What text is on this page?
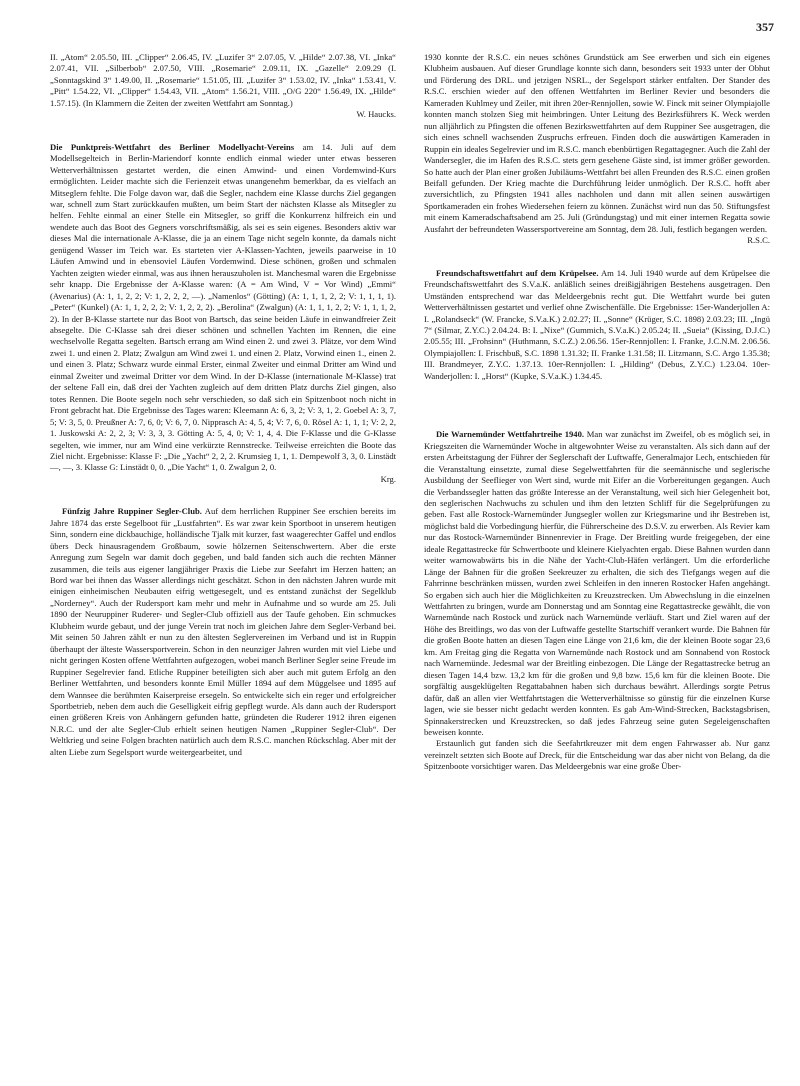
357

II. „Atom“ 2.05.50, III. „Clipper“ 2.06.45, IV. „Luzifer 3“ 2.07.05, V. „Hilde“ 2.07.38, VI. „Inka“ 2.07.41, VII. „Silberbob“ 2.07.50, VIII. „Rosemarie“ 2.09.11, IX. „Gazelle“ 2.09.29 (I. „Sonntagskind 3“ 1.49.00, II. „Rosemarie“ 1.51.05, III. „Luzifer 3“ 1.53.02, IV. „Inka“ 1.53.41, V. „Pitt“ 1.54.22, VI. „Clipper“ 1.54.43, VII. „Atom“ 1.56.21, VIII. „O/G 220“ 1.56.49, IX. „Hilde“ 1.57.15). (In Klammern die Zeiten der zweiten Wettfahrt am Sonntag.)

W. Haucks.

Die Punktpreis-Wettfahrt des Berliner Modellyacht-Vereins am 14. Juli auf dem Modellsegelteich in Berlin-Mariendorf konnte endlich einmal wieder unter etwas besseren Wetterverhältnissen gestartet werden, die einen Amwind- und einen Vordemwind-Kurs ermöglichten. Leider machte sich die Ferienzeit etwas unangenehm bemerkbar, da es vielfach an Mitseglern fehlte. Die Folge davon war, daß die Segler, nachdem eine Klasse durchs Ziel gegangen war, schnell zum Start zurückkaufen mußten, um beim Start der nächsten Klasse als Mitsegler zu helfen. Fehlte einmal an einer Stelle ein Mitsegler, so griff die Konkurrenz hilfreich ein und wendete auch das Boot des Gegners vorschriftsmäßig, als sei es sein eigenes. Besonders aktiv war dieses Mal die internationale A-Klasse, die ja an einem Tage nicht segeln konnte, da damals nicht genügend Wasser im Teich war. Es starteten vier A-Klassen-Yachten, jeweils paarweise in 10 Läufen Amwind und in ebensoviel Läufen Vordemwind. Diese schönen, großen und schmalen Yachten zeigten wieder einmal, was aus ihnen herauszuholen ist. Manchesmal waren die Ergebnisse sehr knapp. Die Ergebnisse der A-Klasse waren: (A = Am Wind, V = Vor Wind) „Emmi“ (Avenarius) (A: 1, 1, 2, 2; V: 1, 2, 2, 2, —). „Namenlos“ (Götting) (A: 1, 1, 1, 2, 2; V: 1, 1, 1, 1). „Peter“ (Kunkel) (A: 1, 1, 2, 2, 2; V: 1, 2, 2, 2). „Berolina“ (Zwalgun) (A: 1, 1, 1, 2, 2; V: 1, 1, 1, 2, 2). In der B-Klasse startete nur das Boot von Bartsch, das seine beiden Läufe in einwandfreier Zeit absegelte. Die C-Klasse sah drei dieser schönen und schnellen Yachten im Rennen, die eine wechselvolle Regatta segelten. Bartsch errang am Wind einen 2. und zwei 3. Plätze, vor dem Wind zwei 1. und einen 2. Platz; Zwalgun am Wind zwei 1. und einen 2. Platz, Vorwind einen 1., einen 2. und einen 3. Platz; Schwarz wurde einmal Erster, einmal Zweiter und einmal Dritter am Wind und einmal Zweiter und zweimal Dritter vor dem Wind. In der D-Klasse (internationale M-Klasse) trat der seltene Fall ein, daß drei der Yachten zugleich auf dem dritten Platz durchs Ziel gingen, also totes Rennen. Die Boote segeln noch sehr verschieden, so daß sich ein Spitzenboot noch nicht in Front gebracht hat. Die Ergebnisse des Tages waren: Kleemann A: 6, 3, 2; V: 3, 1, 2. Goebel A: 3, 7, 5; V: 3, 5, 0. Preußner A: 7, 6, 0; V: 6, 7, 0. Nipprasch A: 4, 5, 4; V: 7, 6, 0. Rösel A: 1, 1, 1; V: 2, 2, 1. Juskowski A: 2, 2, 3; V: 3, 3, 3. Götting A: 5, 4, 0; V: 1, 4, 4. Die F-Klasse und die G-Klasse segelten, wie immer, nur am Wind eine verkürzte Rennstrecke. Teilweise erreichten die Boote das Ziel nicht. Ergebnisse: Klasse F: „Die „Yacht“ 2, 2, 2. Krumsieg 1, 1, 1. Dempewolf 3, 3, 0. Linstädt —, —, 3. Klasse G: Linstädt 0, 0. „Die Yacht“ 1, 0. Zwalgun 2, 0.

Krg.

Fünfzig Jahre Ruppiner Segler-Club. Auf dem herrlichen Ruppiner See erschien bereits im Jahre 1874 das erste Segelboot für „Lustfahrten“. Es war zwar kein Sportboot in unserem heutigen Sinn, sondern eine dickbauchige, holländische Tjalk mit kurzer, fast waagerechter Gaffel und endlos übers Deck hinausragendem Großbaum, sowie hölzernen Seitenschwertern. Aber die erste Anregung zum Segeln war damit doch gegeben, und bald fanden sich auch die rechten Männer zusammen, die teils aus eigener langjähriger Praxis die Liebe zur Seefahrt im Herzen hatten; an Bord war bei ihnen das Wasser allerdings nicht geschätzt. Schon in den nächsten Jahren wurde mit einigen einheimischen Neubauten eifrig wettgesegelt, und es entstand zunächst der Segelklub „Norderney“. Auch der Rudersport kam mehr und mehr in Aufnahme und so wurde am 25. Juli 1890 der Neuruppiner Ruderer- und Segler-Club offiziell aus der Taufe gehoben. Ein schmuckes Klubheim wurde gebaut, und der junge Verein trat noch im gleichen Jahre dem Segler-Verband bei. Mit seinen 50 Jahren zählt er nun zu den ältesten Seglervereinen im Verband und ist in Ruppin überhaupt der älteste Wassersportverein. Schon in den neunziger Jahren wurden mit viel Liebe und nicht geringen Kosten offene Wettfahrten aufgezogen, wobei manch Berliner Segler seine Freude im Ruppiner Segelrevier fand. Etliche Ruppiner beteiligten sich aber auch mit gutem Erfolg an den Berliner Wettfahrten, und besonders konnte Emil Müller 1894 auf dem Müggelsee und 1895 auf dem Wannsee die berühmten Kaiserpreise ersegeln. So entwickelte sich ein reger und erfolgreicher Sportbetrieb, neben dem auch die Geselligkeit eifrig gepflegt wurde. Als dann auch der Rudersport einen größeren Kreis von Anhängern gefunden hatte, gründeten die Ruderer 1912 ihren eigenen N.R.C. und der alte Segler-Club erhielt seinen heutigen Namen „Ruppiner Segler-Club“. Der Weltkrieg und seine Folgen brachten natürlich auch dem R.S.C. manchen Rückschlag. Aber mit der alten Liebe zum Segelsport wurde weitergearbeitet, und

1930 konnte der R.S.C. ein neues schönes Grundstück am See erwerben und sich ein eigenes Klubheim ausbauen. Auf dieser Grundlage konnte sich dann, besonders seit 1933 unter der Obhut und Förderung des DRL. und jetzigen NSRL., der Segelsport stärker entfalten. Der Stander des R.S.C. erschien wieder auf den offenen Wettfahrten im Berliner Revier und besonders die Kameraden Kuhlmey und Zeiler, mit ihren 20er-Rennjollen, sowie W. Finck mit seiner Olympiajolle konnten manch stolzen Sieg mit heimbringen. Unter Leitung des Bezirksführers K. Weck werden nun alljährlich zu Pfingsten die offenen Bezirkswettfahrten auf dem Ruppiner See ausgetragen, die sich eines schnell wachsenden Zuspruchs erfreuen. Finden doch die auswärtigen Kameraden in Ruppin ein ideales Segelrevier und im R.S.C. manch ebenbürtigen Regattagegner. Auch die Zahl der Wandersegler, die im Hafen des R.S.C. stets gern gesehene Gäste sind, ist immer größer geworden. So hatte auch der Plan einer großen Jubiläums-Wettfahrt bei allen Freunden des R.S.C. einen großen Beifall gefunden. Der Krieg machte die Durchführung leider unmöglich. Der R.S.C. hofft aber zuversichtlich, zu Pfingsten 1941 alles nachholen und dann mit allen seinen auswärtigen Sportkameraden ein frohes Wiedersehen feiern zu können. Zunächst wird nun das 50. Stiftungsfest mit einem Kameradschaftsabend am 25. Juli (Gründungstag) und mit einer internen Regatta sowie Ausfahrt der befreundeten Wassersportvereine am Sonntag, dem 28. Juli, festlich begangen werden.

R.S.C.

Freundschaftswettfahrt auf dem Krüpelsee. Am 14. Juli 1940 wurde auf dem Krüpelsee die Freundschaftswettfahrt des S.V.a.K. anläßlich seines dreißigjährigen Bestehens ausgetragen. Den Umständen entsprechend war das Meldeergebnis recht gut. Die Wettfahrt wurde bei guten Wetterverhältnissen gestartet und verlief ohne Zwischenfälle. Die Ergebnisse: 15er-Wanderjollen A: I. „Rolandseck“ (W. Francke, S.V.a.K.) 2.02.27; II. „Sonne“ (Krüger, S.C. 1898) 2.03.23; III. „Ingü 7“ (Silmar, Z.Y.C.) 2.04.24. B: I. „Nixe“ (Gummich, S.V.a.K.) 2.05.24; II. „Sueia“ (Kissing, D.J.C.) 2.05.55; III. „Frohsinn“ (Huthmann, S.C.Z.) 2.06.56. 15er-Rennjollen: I. Franke, J.C.N.M. 2.06.56. Olympiajollen: I. Frischbuß, S.C. 1898 1.31.32; II. Franke 1.31.58; II. Litzmann, S.C. Argo 1.35.38; III. Brandmeyer, Z.Y.C. 1.37.13. 10er-Rennjollen: I. „Hilding“ (Debus, Z.Y.C.) 1.23.04. 10er-Wanderjollen: I. „Horst“ (Kupke, S.V.a.K.) 1.34.45.

Die Warnemünder Wettfahrtreihe 1940. Man war zunächst im Zweifel, ob es möglich sei, in Kriegszeiten die Warnemünder Woche in altgewohnter Weise zu veranstalten. Als sich dann auf der ersten Arbeitstagung der Führer der Seglerschaft der Luftwaffe, Generalmajor Lech, entschieden für die Veranstaltung einsetzte, zumal diese Segelwettfahrten für die seemännische und seglerische Ausbildung der Seeflieger von Wert sind, wurde mit Eifer an die Vorbereitungen gegangen. Auch die Verbandssegler hatten das größte Interesse an der Veranstaltung, weil sich hier Gelegenheit bot, den seglerischen Nachwuchs zu schulen und ihm den letzten Schliff für die Segelprüfungen zu geben. Fast alle Rostock-Warnemünder Jungsegler wollen zur Kriegsmarine und ihr Bestreben ist, möglichst bald die Vorbedingung hierfür, die Führerscheine des D.S.V. zu erwerben. Als Revier kam nur das Rostock-Warnemünder Binnenrevier in Frage. Der Breitling wurde freigegeben, der eine ideale Regattastrecke für Schwertboote und kleinere Kielyachten ergab. Diese Bahnen wurden dann weiter warnowabwärts bis in die Nähe der Yacht-Club-Häfen verlängert. Um die erforderliche Länge der Bahnen für die großen Seekreuzer zu erhalten, die sich des Tiefgangs wegen auf die Fahrrinne beschränken müssen, wurden zwei Schleifen in den inneren Rostocker Hafen angehängt. So ergaben sich auch hier die Möglichkeiten zu Kreuzstrecken. Um Abwechslung in die einzelnen Wettfahrten zu bringen, wurde am Donnerstag und am Sonntag eine Regattastrecke gewählt, die von Warnemünde nach Rostock und zurück nach Warnemünde verläuft. Start und Ziel waren auf der Höhe des Breitlings, wo das von der Luftwaffe gestellte Startschiff verankert wurde. Die Bahnen für die großen Boote hatten an diesen Tagen eine Länge von 21,6 km, die der kleinen Boote sogar 23,6 km. Am Freitag ging die Regatta von Warnemünde nach Rostock und am Sonnabend von Rostock nach Warnemünde. Jedesmal war der Breitling einbezogen. Die Länge der Regattastrecke betrug an diesen Tagen 14,4 bzw. 13,2 km für die großen und 9,8 bzw. 15,6 km für die kleinen Boote. Die sorgfältig ausgeklügelten Regattabahnen haben sich durchaus bewährt. Allerdings sorgte Petrus dafür, daß an allen vier Wettfahrtstagen die Wetterverhältnisse so günstig für die einzelnen Kurse lagen, wie sie besser nicht gedacht werden konnten. Es gab Am-Wind-Strecken, Backstagsbrisen, Spinnakerstrecken und Kreuzstrecken, so daß jedes Fahrzeug seine guten Segeleigenschaften beweisen konnte.

Erstaunlich gut fanden sich die Seefahrtkreuzer mit dem engen Fahrwasser ab. Nur ganz vereinzelt setzten sich Boote auf Dreck, für die Entscheidung war das aber nicht von Belang, da die Spitzenboote vorsichtiger waren. Das Meldeergebnis war eine große Über-
